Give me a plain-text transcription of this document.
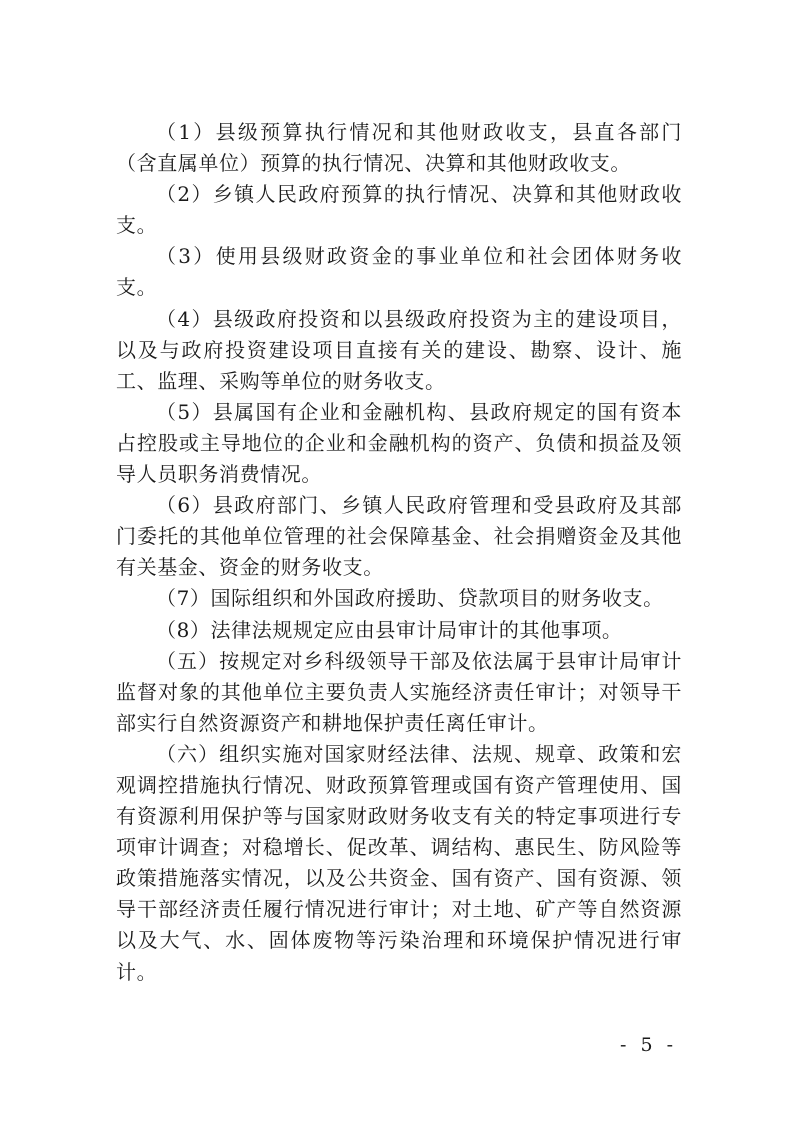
（1）县级预算执行情况和其他财政收支，县直各部门（含直属单位）预算的执行情况、决算和其他财政收支。

（2）乡镇人民政府预算的执行情况、决算和其他财政收支。

（3）使用县级财政资金的事业单位和社会团体财务收支。

（4）县级政府投资和以县级政府投资为主的建设项目，以及与政府投资建设项目直接有关的建设、勘察、设计、施工、监理、采购等单位的财务收支。

（5）县属国有企业和金融机构、县政府规定的国有资本占控股或主导地位的企业和金融机构的资产、负债和损益及领导人员职务消费情况。

（6）县政府部门、乡镇人民政府管理和受县政府及其部门委托的其他单位管理的社会保障基金、社会捐赠资金及其他有关基金、资金的财务收支。

（7）国际组织和外国政府援助、贷款项目的财务收支。

（8）法律法规规定应由县审计局审计的其他事项。

（五）按规定对乡科级领导干部及依法属于县审计局审计监督对象的其他单位主要负责人实施经济责任审计；对领导干部实行自然资源资产和耕地保护责任离任审计。

（六）组织实施对国家财经法律、法规、规章、政策和宏观调控措施执行情况、财政预算管理或国有资产管理使用、国有资源利用保护等与国家财政财务收支有关的特定事项进行专项审计调查；对稳增长、促改革、调结构、惠民生、防风险等政策措施落实情况，以及公共资金、国有资产、国有资源、领导干部经济责任履行情况进行审计；对土地、矿产等自然资源以及大气、水、固体废物等污染治理和环境保护情况进行审计。

- 5 -
